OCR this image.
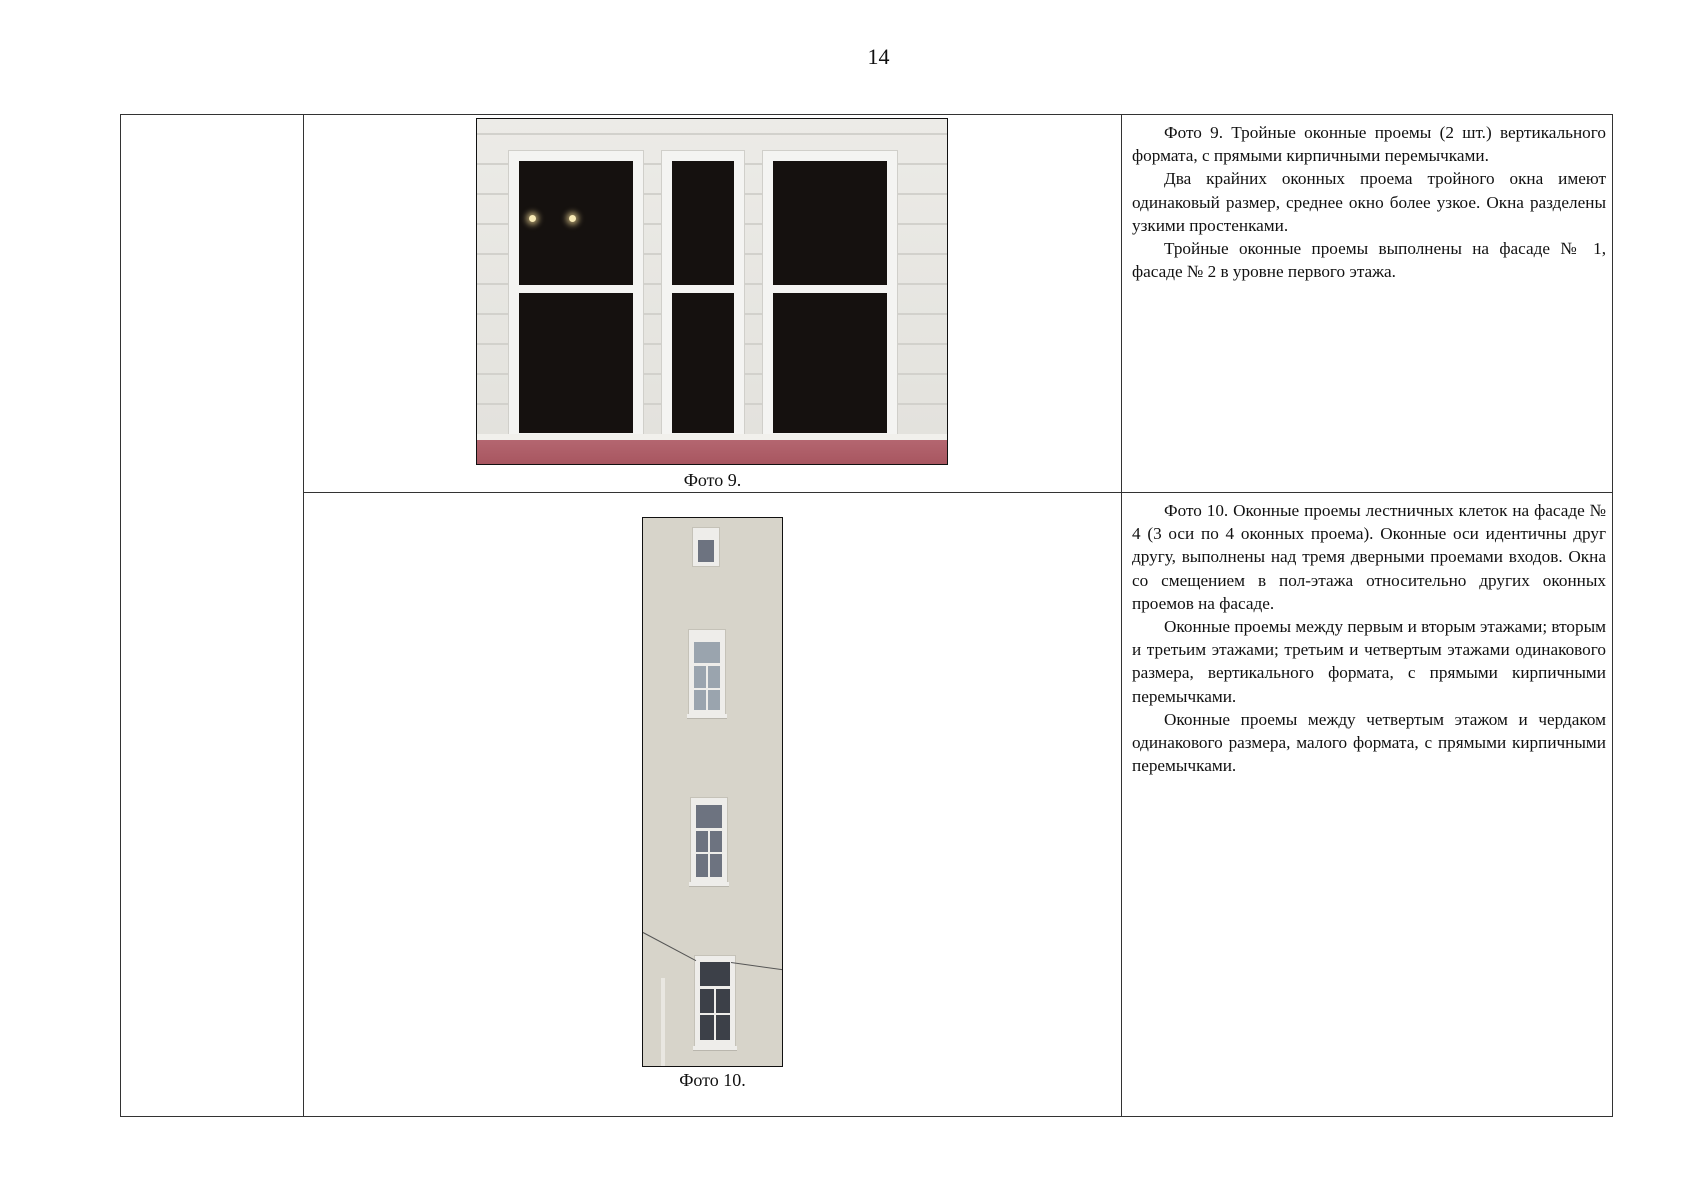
14

	Фото 9.	Фото 9. Тройные оконные проемы (2 шт.) вертикального формата, с прямыми кирпичными перемычками.

Два крайних оконных проема тройного окна имеют одинаковый размер, среднее окно более узкое. Окна разделены узкими простенками.

Тройные оконные проемы выполнены на фасаде № 1, фасаде № 2 в уровне первого этажа.

	Фото 10.	Фото 10. Оконные проемы лестничных клеток на фасаде № 4 (3 оси по 4 оконных проема). Оконные оси идентичны друг другу, выполнены над тремя дверными проемами входов. Окна со смещением в пол-этажа относительно других оконных проемов на фасаде.

Оконные проемы между первым и вторым этажами; вторым и третьим этажами; третьим и четвертым этажами одинакового размера, вертикального формата, с прямыми кирпичными перемычками.

Оконные проемы между четвертым этажом и чердаком одинакового размера, малого формата, с прямыми кирпичными перемычками.
